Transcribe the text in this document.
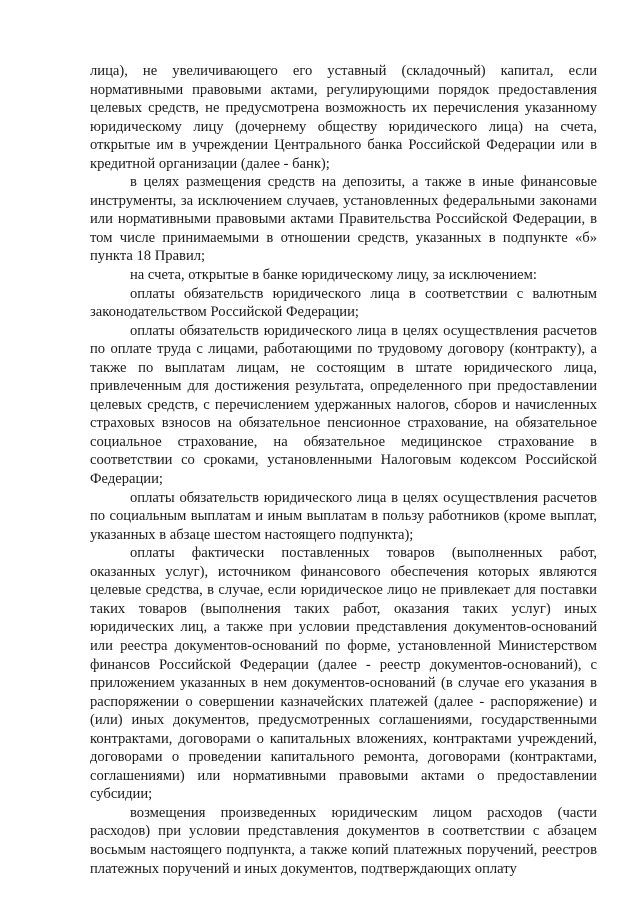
лица), не увеличивающего его уставный (складочный) капитал, если нормативными правовыми актами, регулирующими порядок предоставления целевых средств, не предусмотрена возможность их перечисления указанному юридическому лицу (дочернему обществу юридического лица) на счета, открытые им в учреждении Центрального банка Российской Федерации или в кредитной организации (далее - банк);

в целях размещения средств на депозиты, а также в иные финансовые инструменты, за исключением случаев, установленных федеральными законами или нормативными правовыми актами Правительства Российской Федерации, в том числе принимаемыми в отношении средств, указанных в подпункте «б» пункта 18 Правил;

на счета, открытые в банке юридическому лицу, за исключением:

оплаты обязательств юридического лица в соответствии с валютным законодательством Российской Федерации;

оплаты обязательств юридического лица в целях осуществления расчетов по оплате труда с лицами, работающими по трудовому договору (контракту), а также по выплатам лицам, не состоящим в штате юридического лица, привлеченным для достижения результата, определенного при предоставлении целевых средств, с перечислением удержанных налогов, сборов и начисленных страховых взносов на обязательное пенсионное страхование, на обязательное социальное страхование, на обязательное медицинское страхование в соответствии со сроками, установленными Налоговым кодексом Российской Федерации;

оплаты обязательств юридического лица в целях осуществления расчетов по социальным выплатам и иным выплатам в пользу работников (кроме выплат, указанных в абзаце шестом настоящего подпункта);

оплаты фактически поставленных товаров (выполненных работ, оказанных услуг), источником финансового обеспечения которых являются целевые средства, в случае, если юридическое лицо не привлекает для поставки таких товаров (выполнения таких работ, оказания таких услуг) иных юридических лиц, а также при условии представления документов-оснований или реестра документов-оснований по форме, установленной Министерством финансов Российской Федерации (далее - реестр документов-оснований), с приложением указанных в нем документов-оснований (в случае его указания в распоряжении о совершении казначейских платежей (далее - распоряжение) и (или) иных документов, предусмотренных соглашениями, государственными контрактами, договорами о капитальных вложениях, контрактами учреждений, договорами о проведении капитального ремонта, договорами (контрактами, соглашениями) или нормативными правовыми актами о предоставлении субсидии;

возмещения произведенных юридическим лицом расходов (части расходов) при условии представления документов в соответствии с абзацем восьмым настоящего подпункта, а также копий платежных поручений, реестров платежных поручений и иных документов, подтверждающих оплату
